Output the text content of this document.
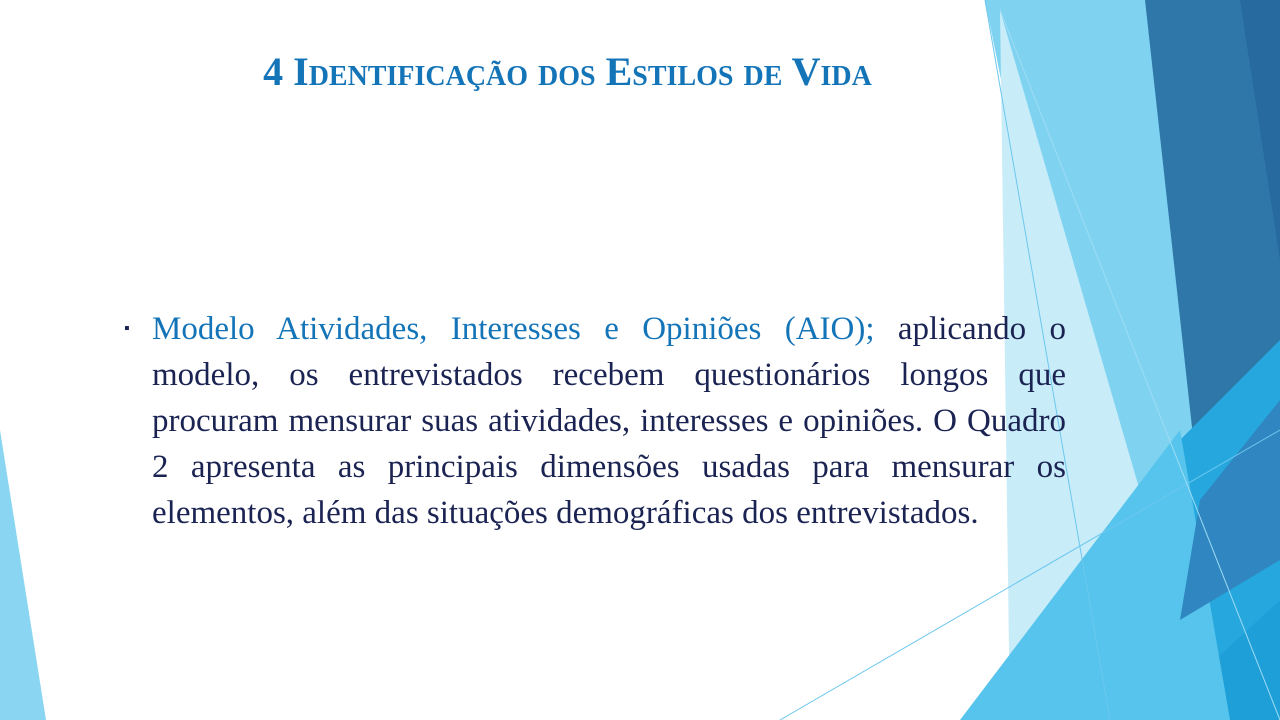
4 Identificação dos Estilos de Vida
▪ Modelo Atividades, Interesses e Opiniões (AIO); aplicando o modelo, os entrevistados recebem questionários longos que procuram mensurar suas atividades, interesses e opiniões. O Quadro 2 apresenta as principais dimensões usadas para mensurar os elementos, além das situações demográficas dos entrevistados.
